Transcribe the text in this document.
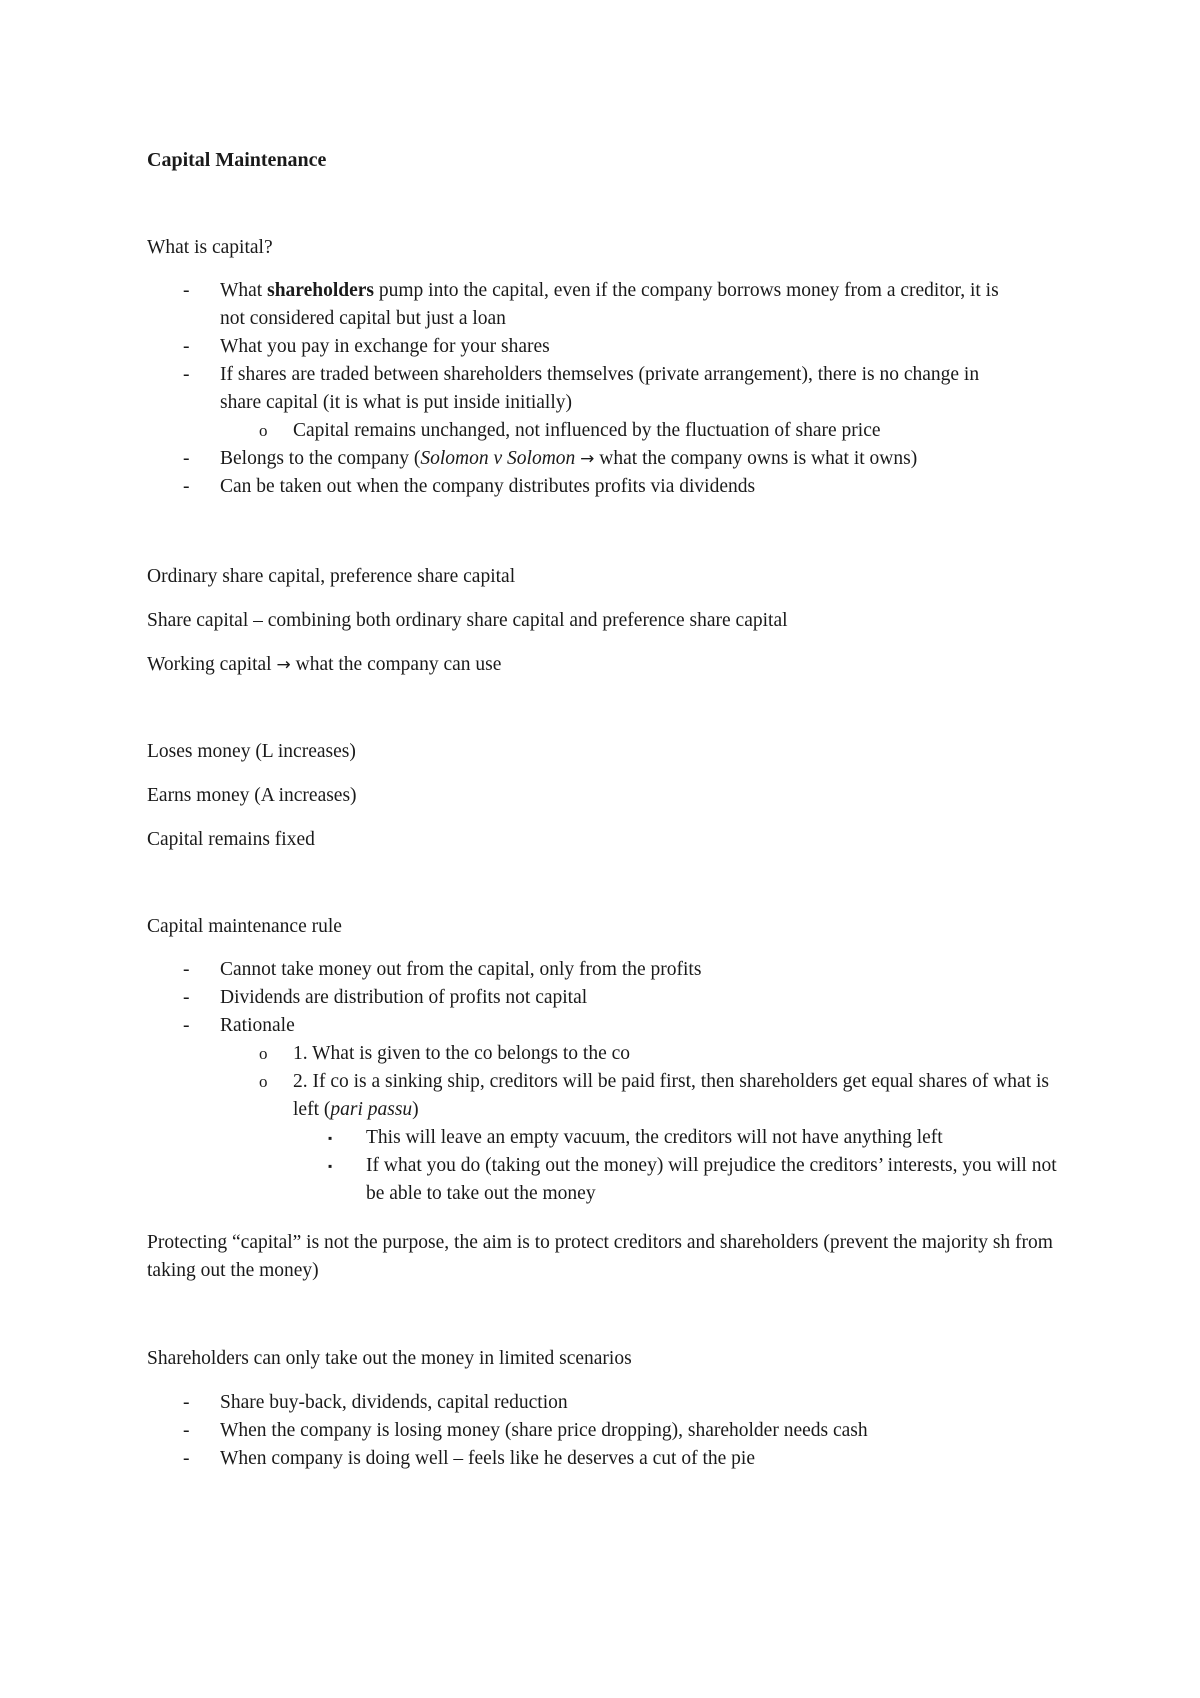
Capital Maintenance
What is capital?
- What shareholders pump into the capital, even if the company borrows money from a creditor, it is not considered capital but just a loan
- What you pay in exchange for your shares
- If shares are traded between shareholders themselves (private arrangement), there is no change in share capital (it is what is put inside initially)
o Capital remains unchanged, not influenced by the fluctuation of share price
- Belongs to the company (Solomon v Solomon → what the company owns is what it owns)
- Can be taken out when the company distributes profits via dividends
Ordinary share capital, preference share capital
Share capital – combining both ordinary share capital and preference share capital
Working capital → what the company can use
Loses money (L increases)
Earns money (A increases)
Capital remains fixed
Capital maintenance rule
- Cannot take money out from the capital, only from the profits
- Dividends are distribution of profits not capital
- Rationale
o 1. What is given to the co belongs to the co
o 2. If co is a sinking ship, creditors will be paid first, then shareholders get equal shares of what is left (pari passu)
▪ This will leave an empty vacuum, the creditors will not have anything left
▪ If what you do (taking out the money) will prejudice the creditors’ interests, you will not be able to take out the money
Protecting “capital” is not the purpose, the aim is to protect creditors and shareholders (prevent the majority sh from taking out the money)
Shareholders can only take out the money in limited scenarios
- Share buy-back, dividends, capital reduction
- When the company is losing money (share price dropping), shareholder needs cash
- When company is doing well – feels like he deserves a cut of the pie
